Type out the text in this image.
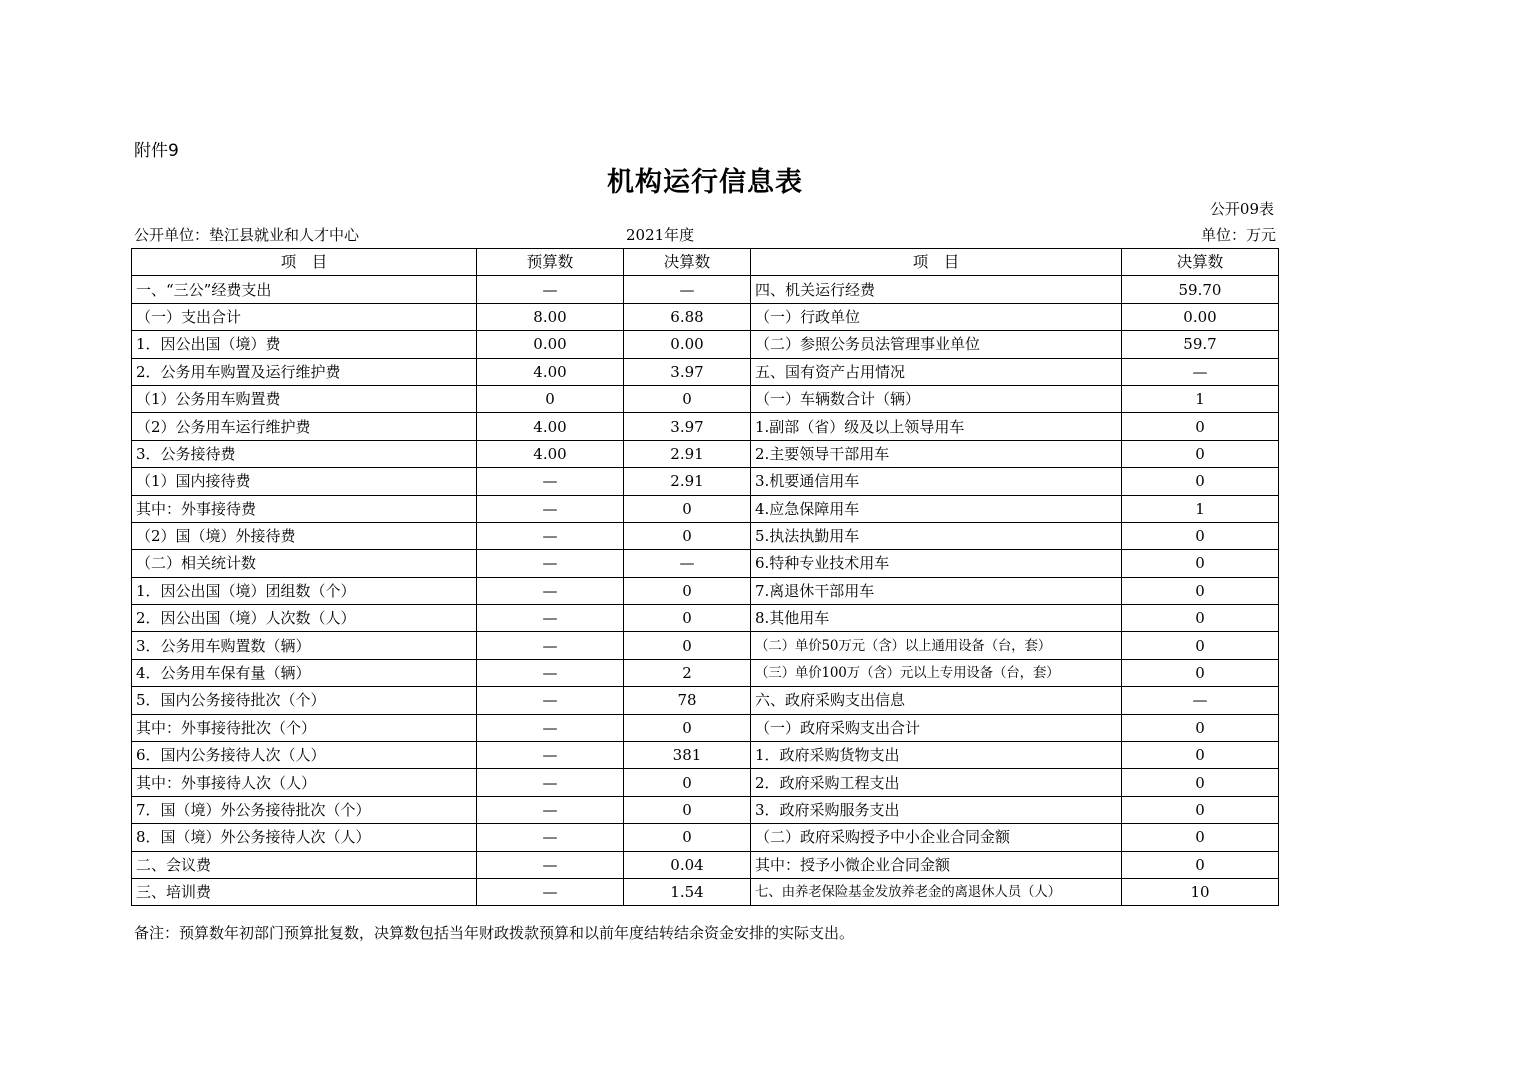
附件9
机构运行信息表
公开09表
公开单位：垫江县就业和人才中心	2021年度	单位：万元
项　目	预算数	决算数	项　目	决算数
一、“三公”经费支出	—	—	四、机关运行经费	59.70
（一）支出合计	8.00	6.88	（一）行政单位	0.00
1．因公出国（境）费	0.00	0.00	（二）参照公务员法管理事业单位	59.7
2．公务用车购置及运行维护费	4.00	3.97	五、国有资产占用情况	—
（1）公务用车购置费	0	0	（一）车辆数合计（辆）	1
（2）公务用车运行维护费	4.00	3.97	1.副部（省）级及以上领导用车	0
3．公务接待费	4.00	2.91	2.主要领导干部用车	0
（1）国内接待费	—	2.91	3.机要通信用车	0
其中：外事接待费	—	0	4.应急保障用车	1
（2）国（境）外接待费	—	0	5.执法执勤用车	0
（二）相关统计数	—	—	6.特种专业技术用车	0
1．因公出国（境）团组数（个）	—	0	7.离退休干部用车	0
2．因公出国（境）人次数（人）	—	0	8.其他用车	0
3．公务用车购置数（辆）	—	0	（二）单价50万元（含）以上通用设备（台，套）	0
4．公务用车保有量（辆）	—	2	（三）单价100万（含）元以上专用设备（台，套）	0
5．国内公务接待批次（个）	—	78	六、政府采购支出信息	—
其中：外事接待批次（个）	—	0	（一）政府采购支出合计	0
6．国内公务接待人次（人）	—	381	1．政府采购货物支出	0
其中：外事接待人次（人）	—	0	2．政府采购工程支出	0
7．国（境）外公务接待批次（个）	—	0	3．政府采购服务支出	0
8．国（境）外公务接待人次（人）	—	0	（二）政府采购授予中小企业合同金额	0
二、会议费	—	0.04	其中：授予小微企业合同金额	0
三、培训费	—	1.54	七、由养老保险基金发放养老金的离退休人员（人）	10
备注：预算数年初部门预算批复数，决算数包括当年财政拨款预算和以前年度结转结余资金安排的实际支出。
